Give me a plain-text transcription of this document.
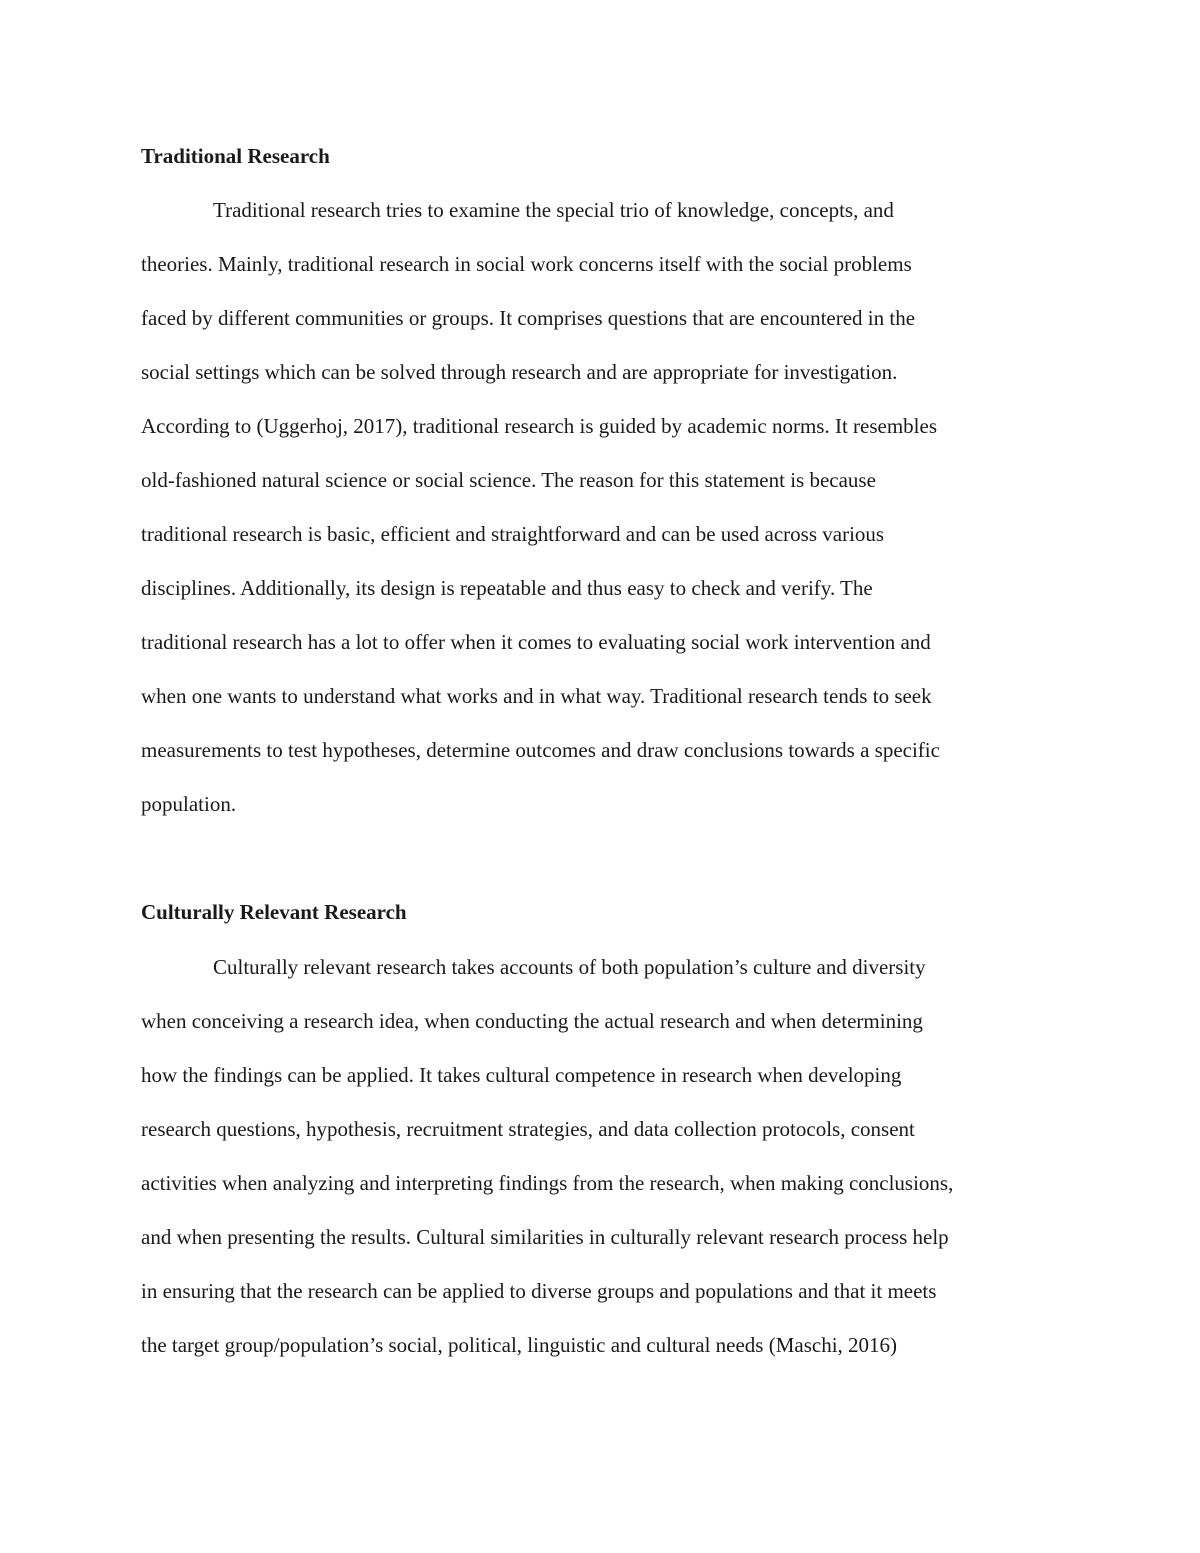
Traditional Research
Traditional research tries to examine the special trio of knowledge, concepts, and
theories. Mainly, traditional research in social work concerns itself with the social problems
faced by different communities or groups. It comprises questions that are encountered in the
social settings which can be solved through research and are appropriate for investigation.
According to (Uggerhoj, 2017), traditional research is guided by academic norms. It resembles
old-fashioned natural science or social science. The reason for this statement is because
traditional research is basic, efficient and straightforward and can be used across various
disciplines. Additionally, its design is repeatable and thus easy to check and verify. The
traditional research has a lot to offer when it comes to evaluating social work intervention and
when one wants to understand what works and in what way. Traditional research tends to seek
measurements to test hypotheses, determine outcomes and draw conclusions towards a specific
population.
Culturally Relevant Research
Culturally relevant research takes accounts of both population’s culture and diversity
when conceiving a research idea, when conducting the actual research and when determining
how the findings can be applied. It takes cultural competence in research when developing
research questions, hypothesis, recruitment strategies, and data collection protocols, consent
activities when analyzing and interpreting findings from the research, when making conclusions,
and when presenting the results. Cultural similarities in culturally relevant research process help
in ensuring that the research can be applied to diverse groups and populations and that it meets
the target group/population’s social, political, linguistic and cultural needs (Maschi, 2016)
